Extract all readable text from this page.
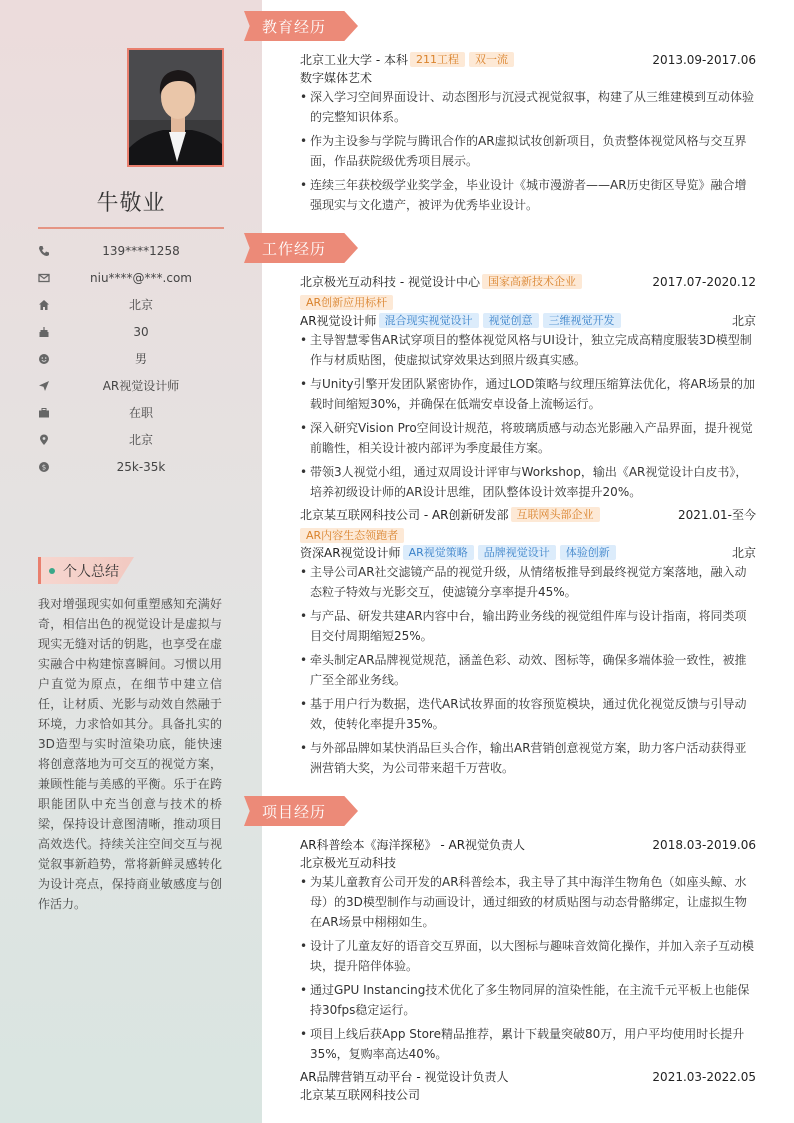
牛敬业
139****1258
niu****@***.com
北京
30
男
AR视觉设计师
在职
北京
$	25k-35k
个人总结
我对增强现实如何重塑感知充满好奇，相信出色的视觉设计是虚拟与现实无缝对话的钥匙，也享受在虚实融合中构建惊喜瞬间。习惯以用户直觉为原点，在细节中建立信任，让材质、光影与动效自然融于环境，力求恰如其分。具备扎实的3D造型与实时渲染功底，能快速将创意落地为可交互的视觉方案，兼顾性能与美感的平衡。乐于在跨职能团队中充当创意与技术的桥梁，保持设计意图清晰，推动项目高效迭代。持续关注空间交互与视觉叙事新趋势，常将新鲜灵感转化为设计亮点，保持商业敏感度与创作活力。
教育经历
北京工业大学 - 本科 211工程 双一流	2013.09-2017.06
数字媒体艺术
• 深入学习空间界面设计、动态图形与沉浸式视觉叙事，构建了从三维建模到互动体验的完整知识体系。
• 作为主设参与学院与腾讯合作的AR虚拟试妆创新项目，负责整体视觉风格与交互界面，作品获院级优秀项目展示。
• 连续三年获校级学业奖学金，毕业设计《城市漫游者——AR历史街区导览》融合增强现实与文化遗产，被评为优秀毕业设计。
工作经历
北京极光互动科技 - 视觉设计中心 国家高新技术企业	2017.07-2020.12
AR创新应用标杆
AR视觉设计师 混合现实视觉设计 视觉创意 三维视觉开发	北京
• 主导智慧零售AR试穿项目的整体视觉风格与UI设计，独立完成高精度服装3D模型制作与材质贴图，使虚拟试穿效果达到照片级真实感。
• 与Unity引擎开发团队紧密协作，通过LOD策略与纹理压缩算法优化，将AR场景的加载时间缩短30%，并确保在低端安卓设备上流畅运行。
• 深入研究Vision Pro空间设计规范，将玻璃质感与动态光影融入产品界面，提升视觉前瞻性，相关设计被内部评为季度最佳方案。
• 带领3人视觉小组，通过双周设计评审与Workshop，输出《AR视觉设计白皮书》，培养初级设计师的AR设计思维，团队整体设计效率提升20%。
北京某互联网科技公司 - AR创新研发部 互联网头部企业	2021.01-至今
AR内容生态领跑者
资深AR视觉设计师 AR视觉策略 品牌视觉设计 体验创新	北京
• 主导公司AR社交滤镜产品的视觉升级，从情绪板推导到最终视觉方案落地，融入动态粒子特效与光影交互，使滤镜分享率提升45%。
• 与产品、研发共建AR内容中台，输出跨业务线的视觉组件库与设计指南，将同类项目交付周期缩短25%。
• 牵头制定AR品牌视觉规范，涵盖色彩、动效、图标等，确保多端体验一致性，被推广至全部业务线。
• 基于用户行为数据，迭代AR试妆界面的妆容预览模块，通过优化视觉反馈与引导动效，使转化率提升35%。
• 与外部品牌如某快消品巨头合作，输出AR营销创意视觉方案，助力客户活动获得亚洲营销大奖，为公司带来超千万营收。
项目经历
AR科普绘本《海洋探秘》 - AR视觉负责人	2018.03-2019.06
北京极光互动科技
• 为某儿童教育公司开发的AR科普绘本，我主导了其中海洋生物角色（如座头鲸、水母）的3D模型制作与动画设计，通过细致的材质贴图与动态骨骼绑定，让虚拟生物在AR场景中栩栩如生。
• 设计了儿童友好的语音交互界面，以大图标与趣味音效简化操作，并加入亲子互动模块，提升陪伴体验。
• 通过GPU Instancing技术优化了多生物同屏的渲染性能，在主流千元平板上也能保持30fps稳定运行。
• 项目上线后获App Store精品推荐，累计下载量突破80万，用户平均使用时长提升35%，复购率高达40%。
AR品牌营销互动平台 - 视觉设计负责人	2021.03-2022.05
北京某互联网科技公司
